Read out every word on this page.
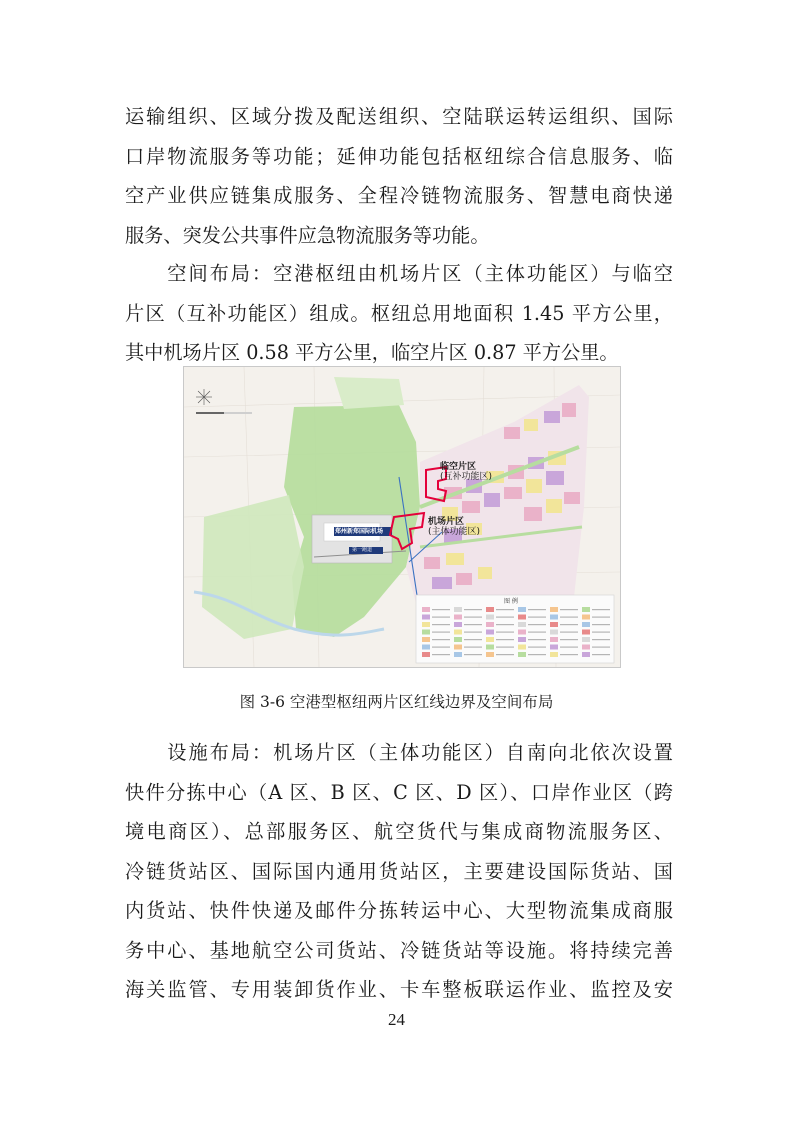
运输组织、区域分拨及配送组织、空陆联运转运组织、国际
口岸物流服务等功能；延伸功能包括枢纽综合信息服务、临
空产业供应链集成服务、全程冷链物流服务、智慧电商快递
服务、突发公共事件应急物流服务等功能。
　　空间布局：空港枢纽由机场片区（主体功能区）与临空
片区（互补功能区）组成。枢纽总用地面积 1.45 平方公里，
其中机场片区 0.58 平方公里，临空片区 0.87 平方公里。
临空片区
(互补功能区)
机场片区
(主体功能区)
郑州新郑国际机场
第一跑道
图 例
图 3-6 空港型枢纽两片区红线边界及空间布局
　　设施布局：机场片区（主体功能区）自南向北依次设置
快件分拣中心（A 区、B 区、C 区、D 区）、口岸作业区（跨
境电商区）、总部服务区、航空货代与集成商物流服务区、
冷链货站区、国际国内通用货站区，主要建设国际货站、国
内货站、快件快递及邮件分拣转运中心、大型物流集成商服
务中心、基地航空公司货站、冷链货站等设施。将持续完善
海关监管、专用装卸货作业、卡车整板联运作业、监控及安
24
